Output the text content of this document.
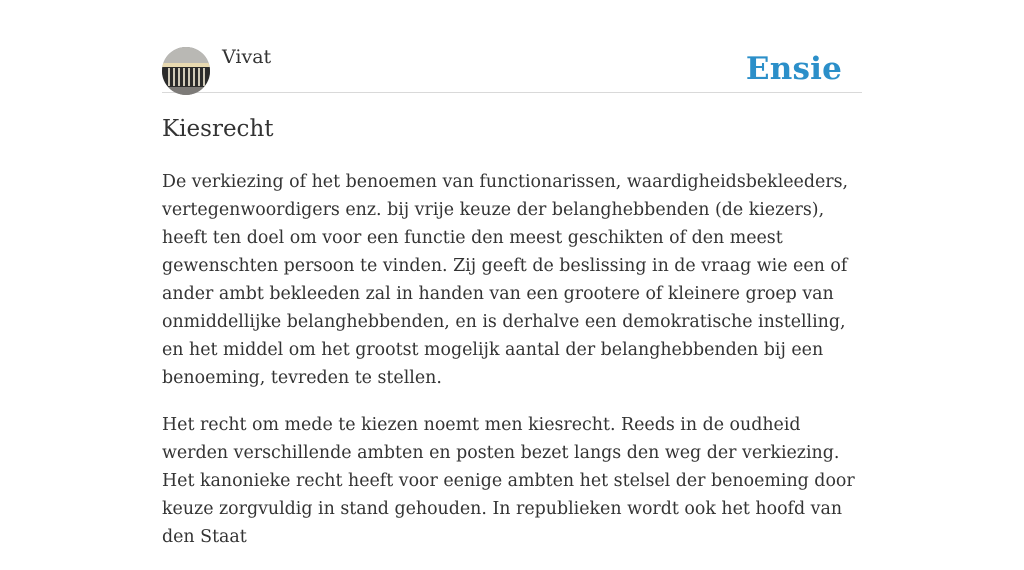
Vivat	Ensie
Kiesrecht

De verkiezing of het benoemen van functionarissen, waardigheidsbekleeders, vertegenwoordigers enz. bij vrije keuze der belanghebbenden (de kiezers), heeft ten doel om voor een functie den meest geschikten of den meest gewenschten persoon te vinden. Zij geeft de beslissing in de vraag wie een of ander ambt bekleeden zal in handen van een grootere of kleinere groep van onmiddellijke belanghebbenden, en is derhalve een demokratische instelling, en het middel om het grootst mogelijk aantal der belanghebbenden bij een benoeming, tevreden te stellen.

Het recht om mede te kiezen noemt men kiesrecht. Reeds in de oudheid werden verschillende ambten en posten bezet langs den weg der verkiezing. Het kanonieke recht heeft voor eenige ambten het stelsel der benoeming door keuze zorgvuldig in stand gehouden. In republieken wordt ook het hoofd van den Staat
